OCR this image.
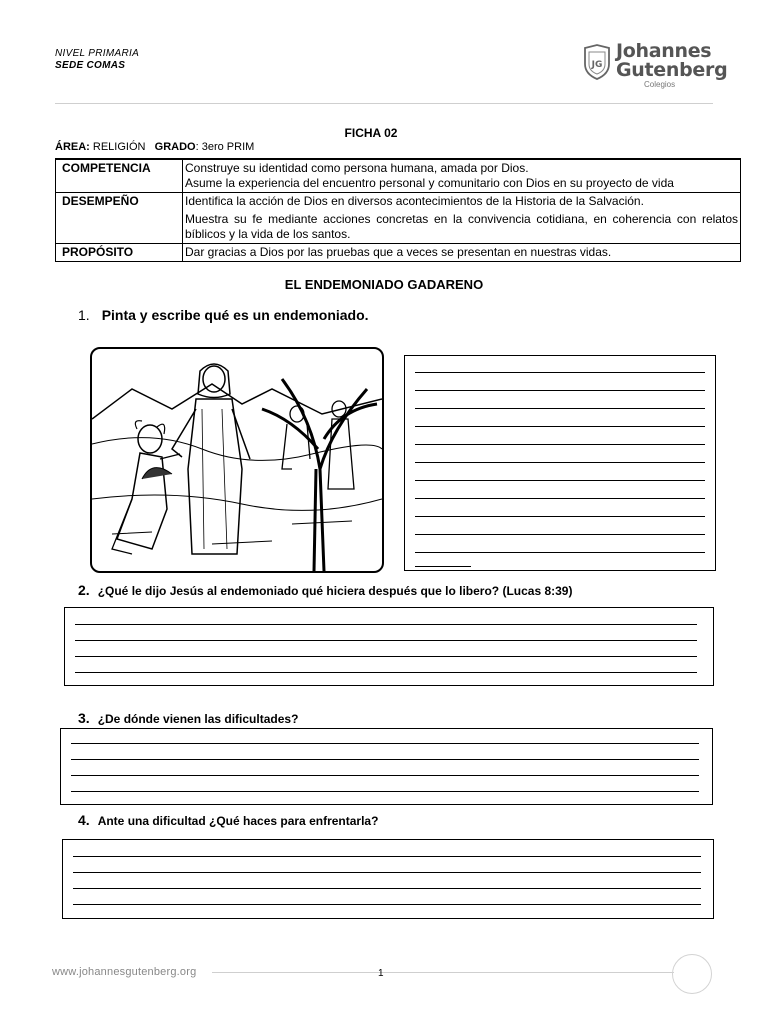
NIVEL PRIMARIA
SEDE COMAS	JG
Johannes
Gutenberg
Colegios
FICHA 02
ÁREA: RELIGIÓN GRADO: 3ero PRIM
COMPETENCIA	Construye su identidad como persona humana, amada por Dios.
Asume la experiencia del encuentro personal y comunitario con Dios en su proyecto de vida

DESEMPEÑO	Identifica la acción de Dios en diversos acontecimientos de la Historia de la Salvación.
Muestra su fe mediante acciones concretas en la convivencia cotidiana, en coherencia con relatos bíblicos y la vida de los santos.

PROPÓSITO	Dar gracias a Dios por las pruebas que a veces se presentan en nuestras vidas.
EL ENDEMONIADO GADARENO
1. Pinta y escribe qué es un endemoniado.
2. ¿Qué le dijo Jesús al endemoniado qué hiciera después que lo libero? (Lucas 8:39)
3. ¿De dónde vienen las dificultades?
4. Ante una dificultad ¿Qué haces para enfrentarla?
www.johannesgutenberg.org	1
